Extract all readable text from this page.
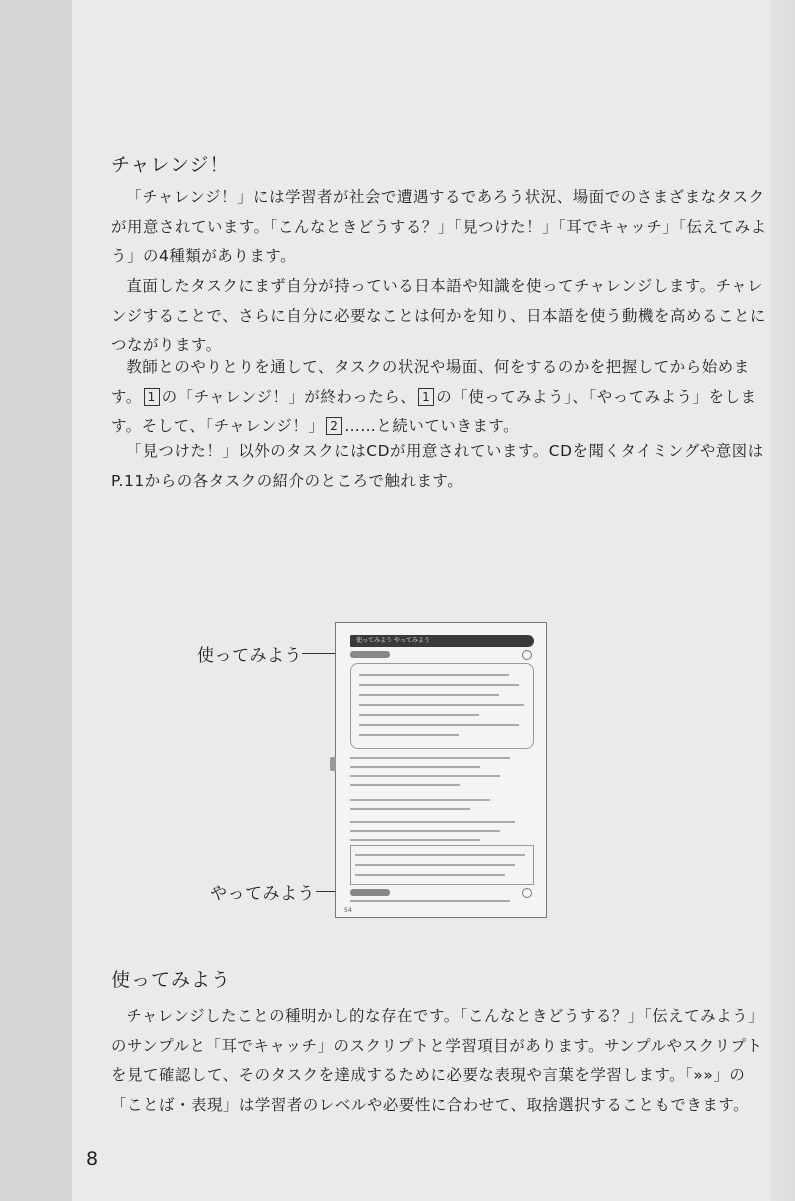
チャレンジ！

「チャレンジ！」には学習者が社会で遭遇するであろう状況、場面でのさまざまなタスクが用意されています。「こんなときどうする？」「見つけた！」「耳でキャッチ」「伝えてみよう」の4種類があります。

直面したタスクにまず自分が持っている日本語や知識を使ってチャレンジします。チャレンジすることで、さらに自分に必要なことは何かを知り、日本語を使う動機を高めることにつながります。

教師とのやりとりを通して、タスクの状況や場面、何をするのかを把握してから始めます。 1 の「チャレンジ！」が終わったら、 1 の「使ってみよう」、「やってみよう」をします。そして、「チャレンジ！」 2 ……と続いていきます。

「見つけた！」以外のタスクにはCDが用意されています。CDを聞くタイミングや意図はP.11からの各タスクの紹介のところで触れます。

使ってみよう
やってみよう
使ってみよう やってみよう
54
使ってみよう

チャレンジしたことの種明かし的な存在です。「こんなときどうする？」「伝えてみよう」のサンプルと「耳でキャッチ」のスクリプトと学習項目があります。サンプルやスクリプトを見て確認して、そのタスクを達成するために必要な表現や言葉を学習します。「»»」の「ことば・表現」は学習者のレベルや必要性に合わせて、取捨選択することもできます。

8
